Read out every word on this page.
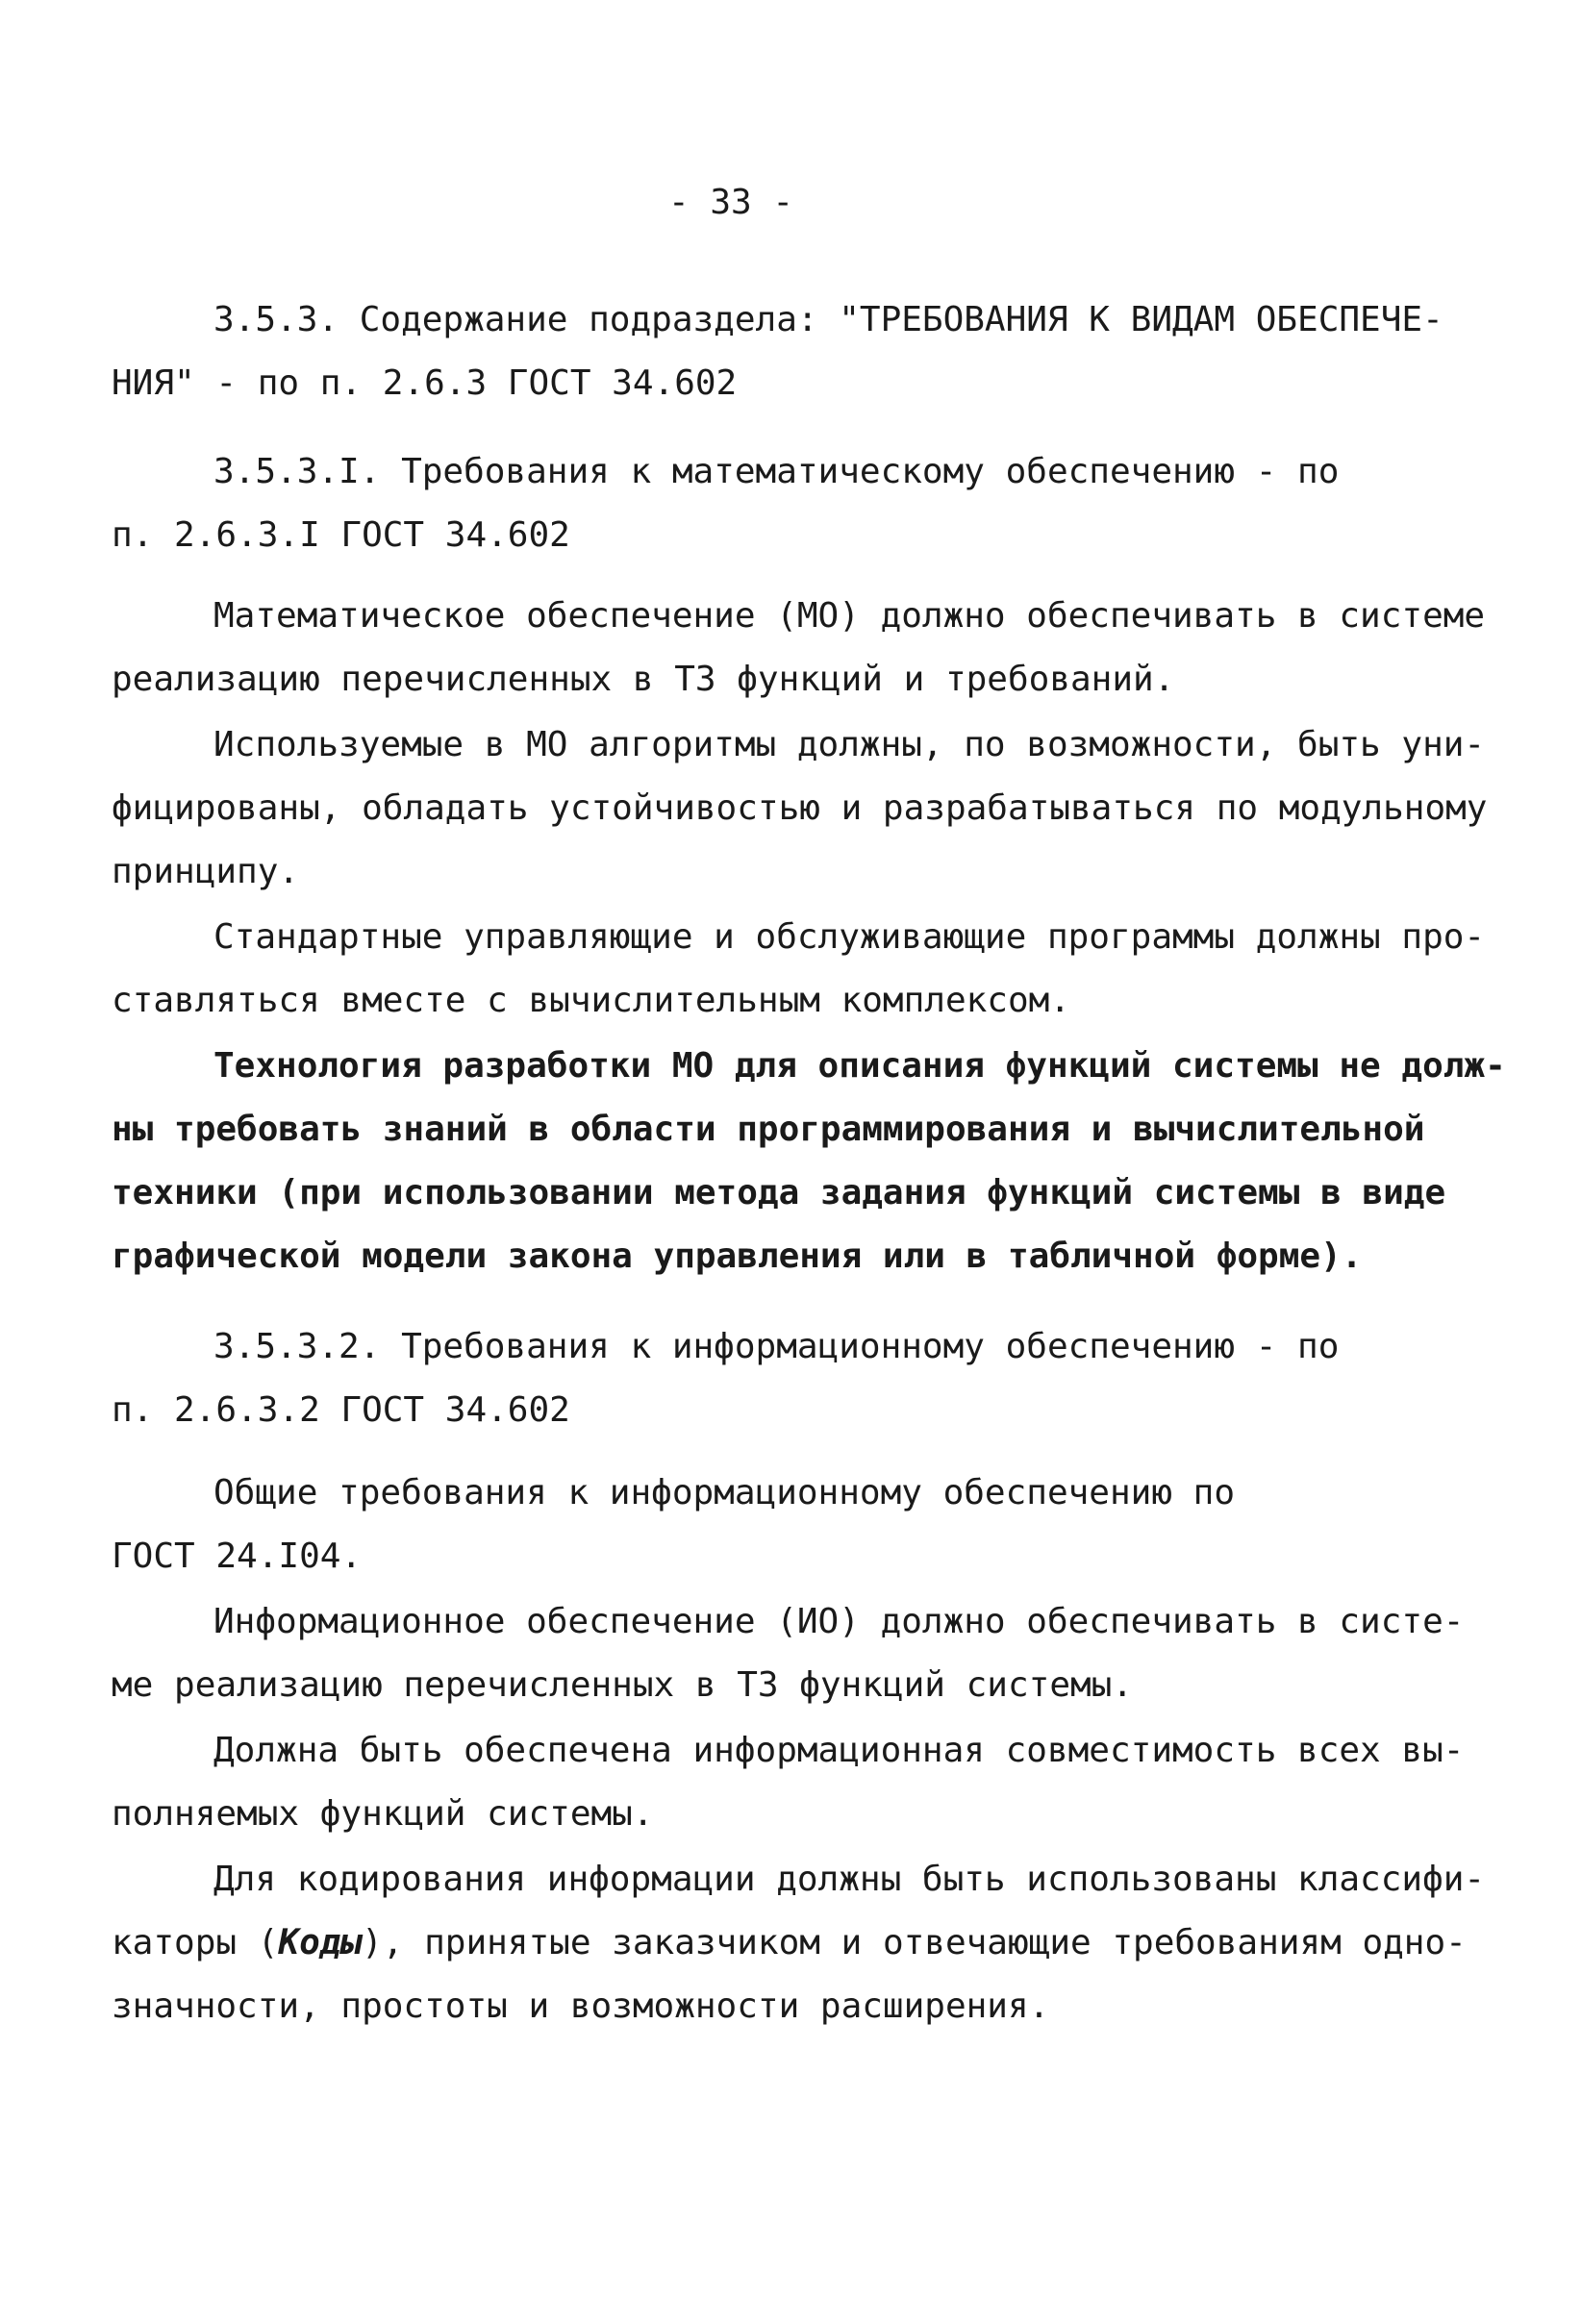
- 33 -

3.5.3. Содержание подраздела: "ТРЕБОВАНИЯ К ВИДАМ ОБЕСПЕЧЕ-

НИЯ" - по п. 2.6.3 ГОСТ 34.602

3.5.3.I. Требования к математическому обеспечению - по

п. 2.6.3.I ГОСТ 34.602

Математическое обеспечение (МО) должно обеспечивать в системе

реализацию перечисленных в ТЗ функций и требований.

Используемые в МО алгоритмы должны, по возможности, быть уни-

фицированы, обладать устойчивостью и разрабатываться по модульному

принципу.

Стандартные управляющие и обслуживающие программы должны про-

ставляться вместе с вычислительным комплексом.

Технология разработки МО для описания функций системы не долж-

ны требовать знаний в области программирования и вычислительной

техники (при использовании метода задания функций системы в виде

графической модели закона управления или в табличной форме).

3.5.3.2. Требования к информационному обеспечению - по

п. 2.6.3.2 ГОСТ 34.602

Общие требования к информационному обеспечению по

ГОСТ 24.I04.

Информационное обеспечение (ИО) должно обеспечивать в систе-

ме реализацию перечисленных в ТЗ функций системы.

Должна быть обеспечена информационная совместимость всех вы-

полняемых функций системы.

Для кодирования информации должны быть использованы классифи-

каторы (Коды), принятые заказчиком и отвечающие требованиям одно-

значности, простоты и возможности расширения.
